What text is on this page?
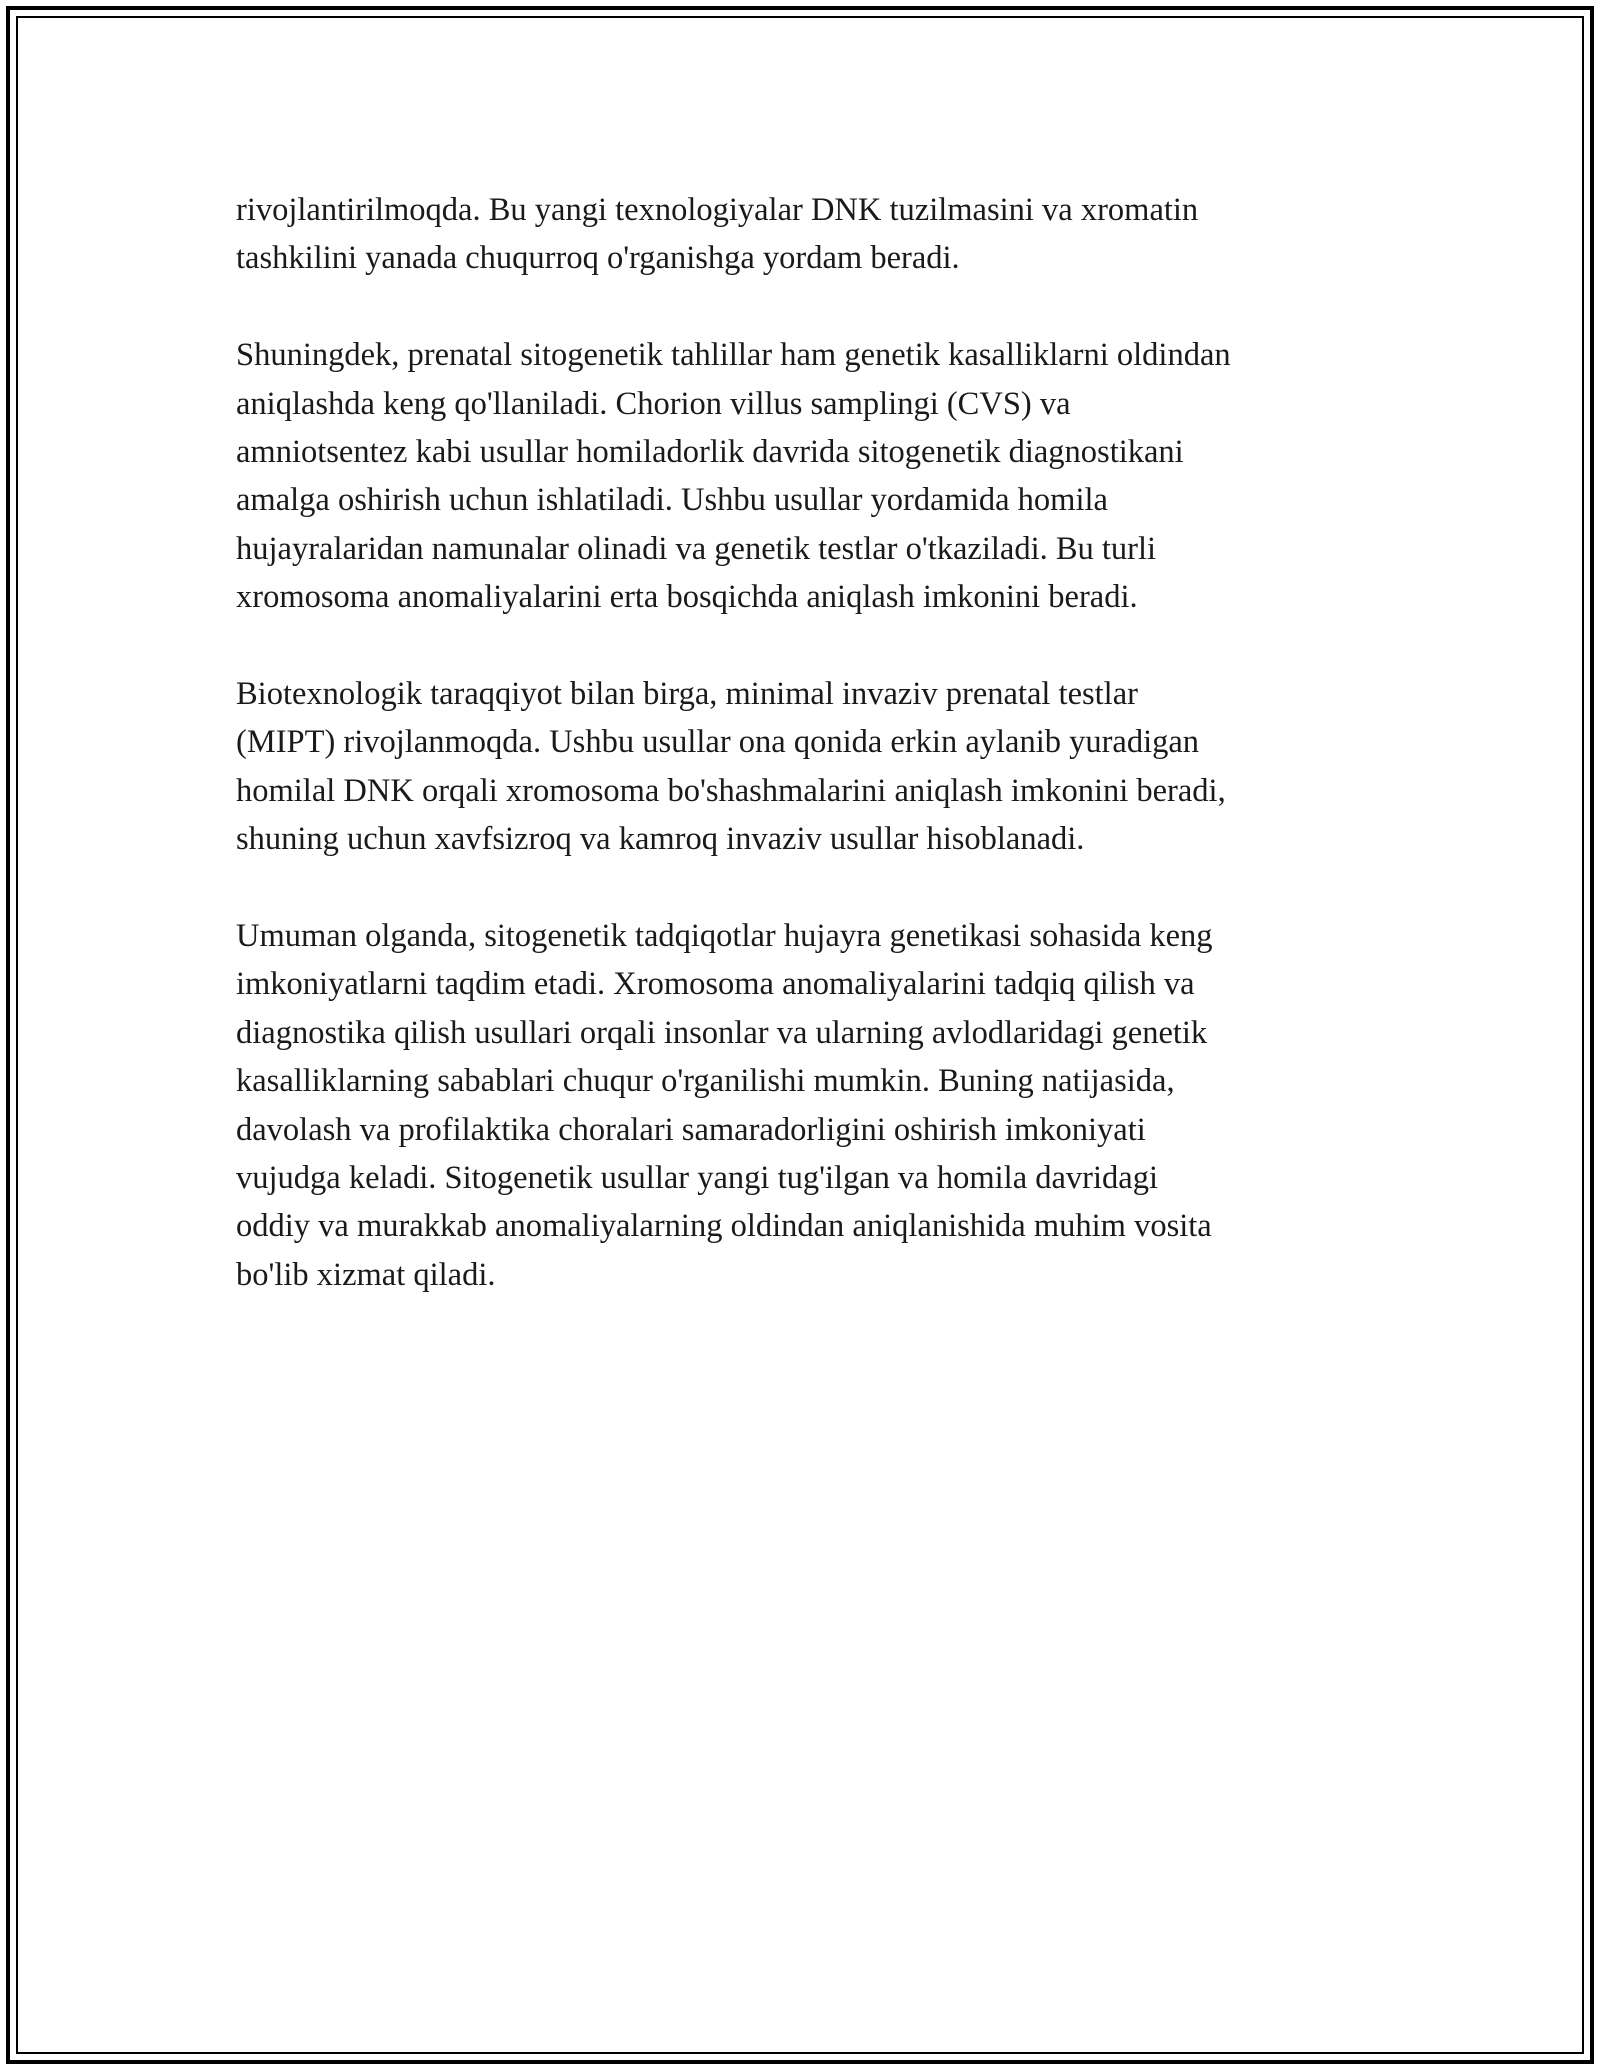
rivojlantirilmoqda. Bu yangi texnologiyalar DNK tuzilmasini va xromatin
tashkilini yanada chuqurroq o'rganishga yordam beradi.

Shuningdek, prenatal sitogenetik tahlillar ham genetik kasalliklarni oldindan
aniqlashda keng qo'llaniladi. Chorion villus samplingi (CVS) va
amniotsentez kabi usullar homiladorlik davrida sitogenetik diagnostikani
amalga oshirish uchun ishlatiladi. Ushbu usullar yordamida homila
hujayralaridan namunalar olinadi va genetik testlar o'tkaziladi. Bu turli
xromosoma anomaliyalarini erta bosqichda aniqlash imkonini beradi.

Biotexnologik taraqqiyot bilan birga, minimal invaziv prenatal testlar
(MIPT) rivojlanmoqda. Ushbu usullar ona qonida erkin aylanib yuradigan
homilal DNK orqali xromosoma bo'shashmalarini aniqlash imkonini beradi,
shuning uchun xavfsizroq va kamroq invaziv usullar hisoblanadi.

Umuman olganda, sitogenetik tadqiqotlar hujayra genetikasi sohasida keng
imkoniyatlarni taqdim etadi. Xromosoma anomaliyalarini tadqiq qilish va
diagnostika qilish usullari orqali insonlar va ularning avlodlaridagi genetik
kasalliklarning sabablari chuqur o'rganilishi mumkin. Buning natijasida,
davolash va profilaktika choralari samaradorligini oshirish imkoniyati
vujudga keladi. Sitogenetik usullar yangi tug'ilgan va homila davridagi
oddiy va murakkab anomaliyalarning oldindan aniqlanishida muhim vosita
bo'lib xizmat qiladi.
